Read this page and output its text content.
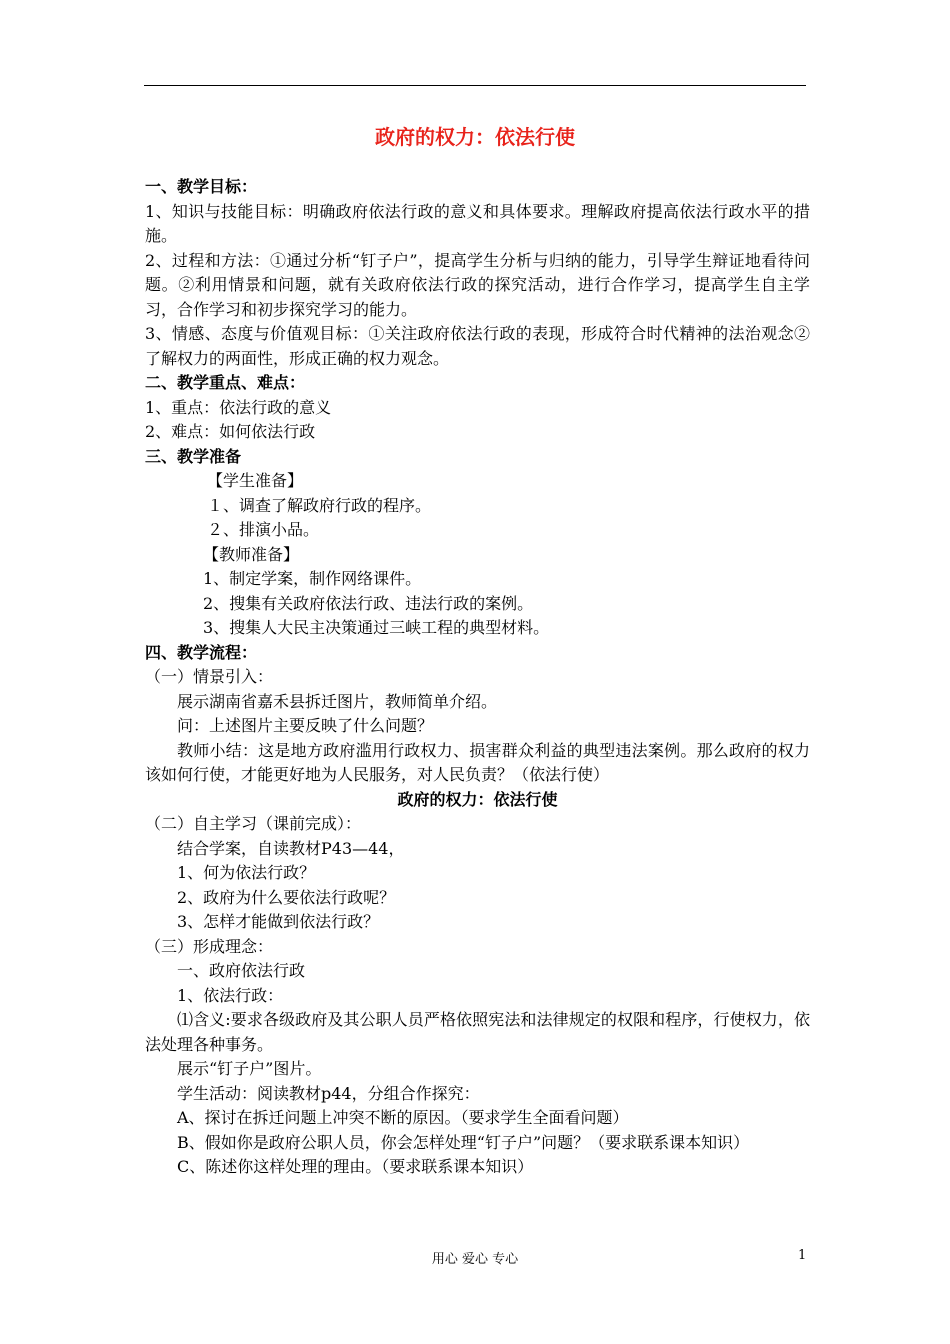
政府的权力：依法行使

一、教学目标：

1、知识与技能目标：明确政府依法行政的意义和具体要求。理解政府提高依法行政水平的措施。

2、过程和方法：①通过分析“钉子户”，提高学生分析与归纳的能力，引导学生辩证地看待问题。②利用情景和问题，就有关政府依法行政的探究活动，进行合作学习，提高学生自主学习，合作学习和初步探究学习的能力。

3、情感、态度与价值观目标：①关注政府依法行政的表现，形成符合时代精神的法治观念②了解权力的两面性，形成正确的权力观念。

二、教学重点、难点：

1、重点：依法行政的意义

2、难点：如何依法行政

三、教学准备

【学生准备】

１、调查了解政府行政的程序。

２、排演小品。

【教师准备】

1、制定学案，制作网络课件。

2、搜集有关政府依法行政、违法行政的案例。

3、搜集人大民主决策通过三峡工程的典型材料。

四、教学流程：

（一）情景引入：

展示湖南省嘉禾县拆迁图片，教师简单介绍。

问：上述图片主要反映了什么问题？

教师小结：这是地方政府滥用行政权力、损害群众利益的典型违法案例。那么政府的权力该如何行使，才能更好地为人民服务，对人民负责？（依法行使）

政府的权力：依法行使

（二）自主学习（课前完成）：

结合学案，自读教材P43—44，

1、何为依法行政？

2、政府为什么要依法行政呢？

3、怎样才能做到依法行政？

（三）形成理念：

一、政府依法行政

1、依法行政：

⑴含义:要求各级政府及其公职人员严格依照宪法和法律规定的权限和程序，行使权力，依法处理各种事务。

展示“钉子户”图片。

学生活动：阅读教材p44，分组合作探究：

A、探讨在拆迁问题上冲突不断的原因。（要求学生全面看问题）

B、假如你是政府公职人员，你会怎样处理“钉子户”问题？（要求联系课本知识）

C、陈述你这样处理的理由。（要求联系课本知识）

用心 爱心 专心	1
